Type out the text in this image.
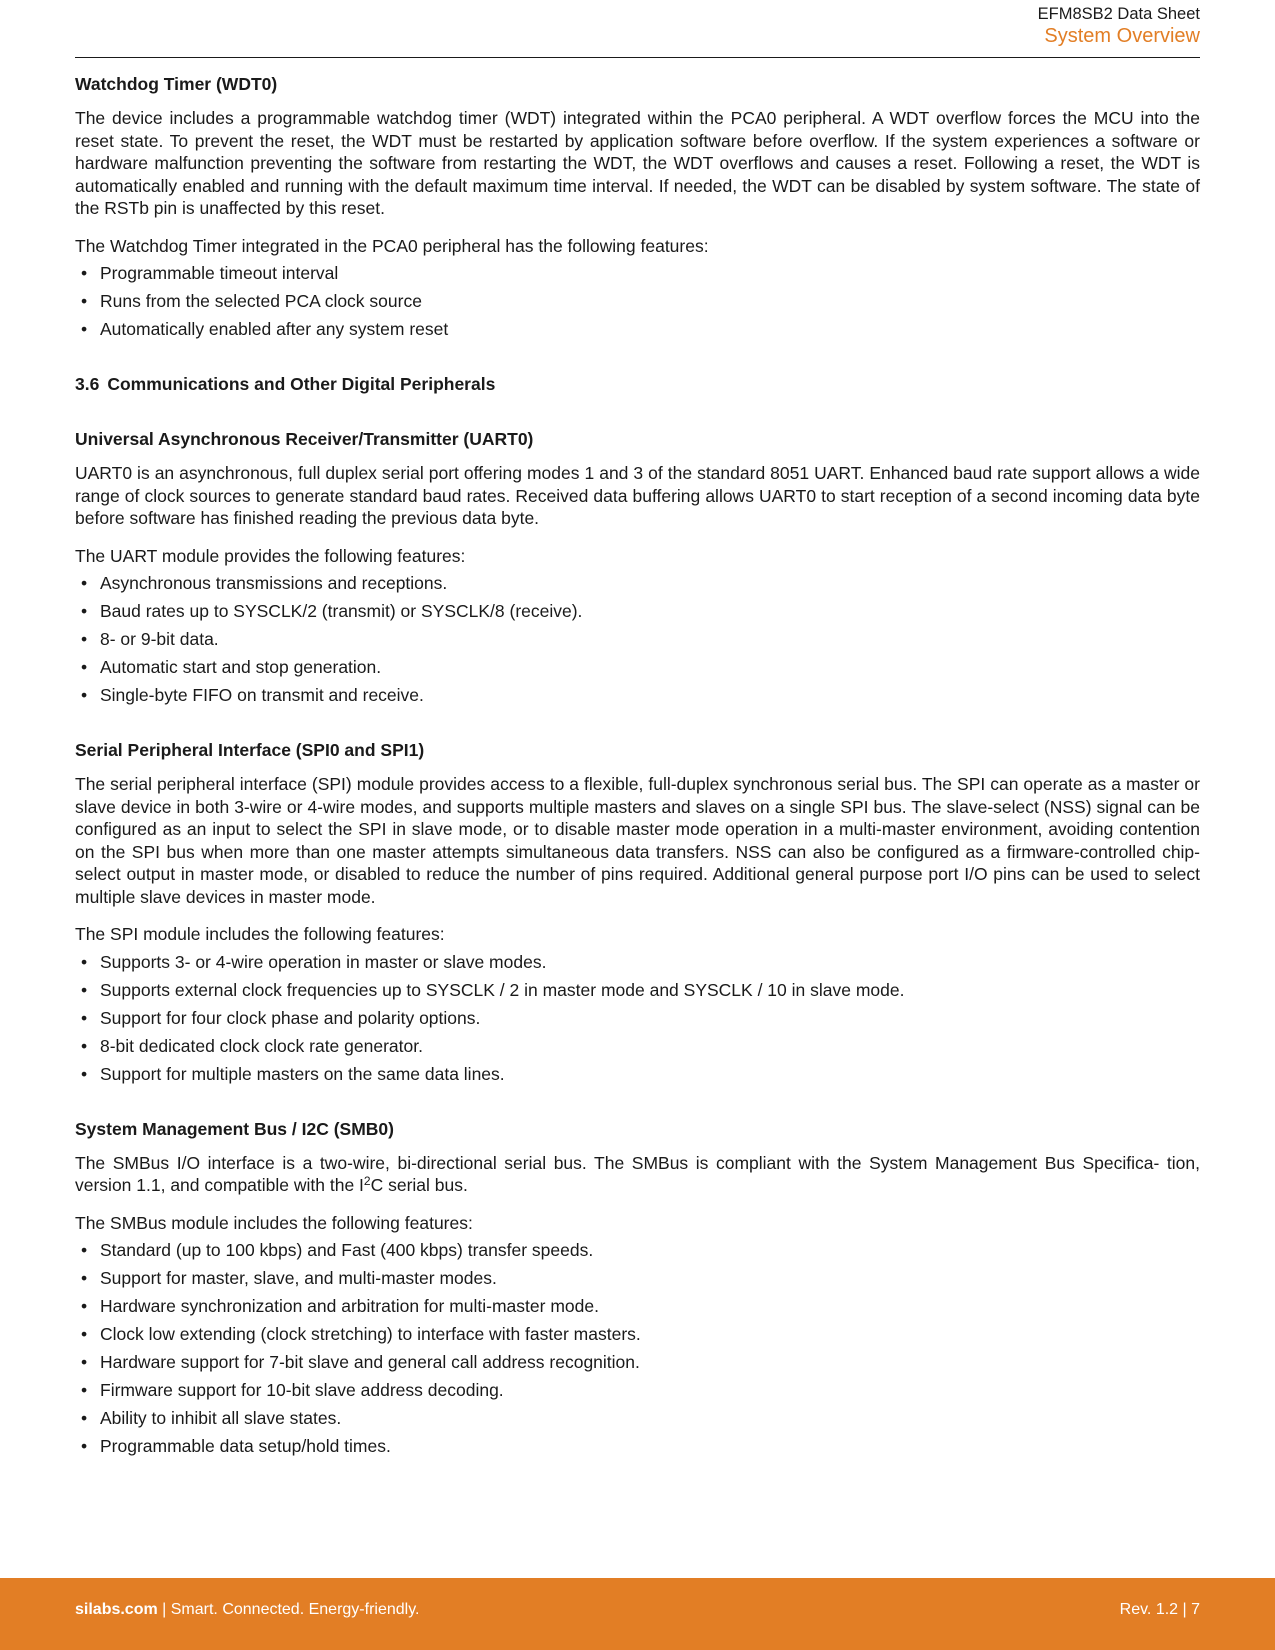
EFM8SB2 Data Sheet
System Overview
Watchdog Timer (WDT0)

The device includes a programmable watchdog timer (WDT) integrated within the PCA0 peripheral. A WDT overflow forces the MCU into the reset state. To prevent the reset, the WDT must be restarted by application software before overflow. If the system experiences a software or hardware malfunction preventing the software from restarting the WDT, the WDT overflows and causes a reset. Following a reset, the WDT is automatically enabled and running with the default maximum time interval. If needed, the WDT can be disabled by system software. The state of the RSTb pin is unaffected by this reset.

The Watchdog Timer integrated in the PCA0 peripheral has the following features:
• Programmable timeout interval
• Runs from the selected PCA clock source
• Automatically enabled after any system reset
3.6 Communications and Other Digital Peripherals
Universal Asynchronous Receiver/Transmitter (UART0)

UART0 is an asynchronous, full duplex serial port offering modes 1 and 3 of the standard 8051 UART. Enhanced baud rate support allows a wide range of clock sources to generate standard baud rates. Received data buffering allows UART0 to start reception of a second incoming data byte before software has finished reading the previous data byte.

The UART module provides the following features:
• Asynchronous transmissions and receptions.
• Baud rates up to SYSCLK/2 (transmit) or SYSCLK/8 (receive).
• 8- or 9-bit data.
• Automatic start and stop generation.
• Single-byte FIFO on transmit and receive.
Serial Peripheral Interface (SPI0 and SPI1)

The serial peripheral interface (SPI) module provides access to a flexible, full-duplex synchronous serial bus. The SPI can operate as a master or slave device in both 3-wire or 4-wire modes, and supports multiple masters and slaves on a single SPI bus. The slave-select (NSS) signal can be configured as an input to select the SPI in slave mode, or to disable master mode operation in a multi-master environment, avoiding contention on the SPI bus when more than one master attempts simultaneous data transfers. NSS can also be configured as a firmware-controlled chip-select output in master mode, or disabled to reduce the number of pins required. Additional general purpose port I/O pins can be used to select multiple slave devices in master mode.

The SPI module includes the following features:
• Supports 3- or 4-wire operation in master or slave modes.
• Supports external clock frequencies up to SYSCLK / 2 in master mode and SYSCLK / 10 in slave mode.
• Support for four clock phase and polarity options.
• 8-bit dedicated clock clock rate generator.
• Support for multiple masters on the same data lines.
System Management Bus / I2C (SMB0)

The SMBus I/O interface is a two-wire, bi-directional serial bus. The SMBus is compliant with the System Management Bus Specifica- tion, version 1.1, and compatible with the $I^2C$ serial bus.

The SMBus module includes the following features:
• Standard (up to 100 kbps) and Fast (400 kbps) transfer speeds.
• Support for master, slave, and multi-master modes.
• Hardware synchronization and arbitration for multi-master mode.
• Clock low extending (clock stretching) to interface with faster masters.
• Hardware support for 7-bit slave and general call address recognition.
• Firmware support for 10-bit slave address decoding.
• Ability to inhibit all slave states.
• Programmable data setup/hold times.
silabs.com | Smart. Connected. Energy-friendly.	Rev. 1.2 | 7
